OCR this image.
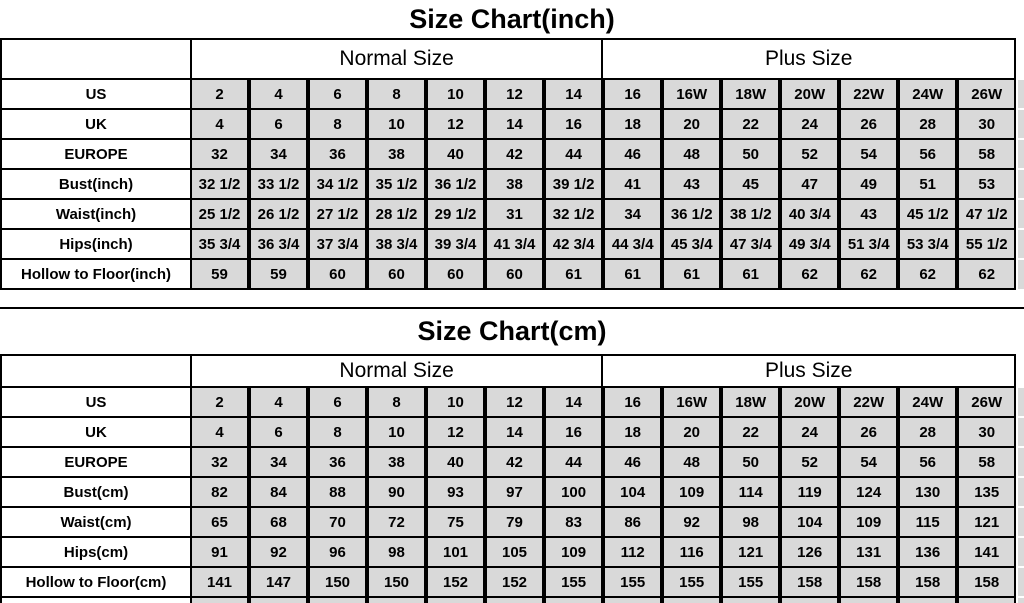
Size Chart(inch)
	Normal Size													Plus Size															
US	2		4		6		8		10		12		14		16		16W		18W		20W		22W		24W		26W		
UK	4		6		8		10		12		14		16		18		20		22		24		26		28		30		
EUROPE	32		34		36		38		40		42		44		46		48		50		52		54		56		58		
Bust(inch)	32 1/2		33 1/2		34 1/2		35 1/2		36 1/2		38		39 1/2		41		43		45		47		49		51		53		
Waist(inch)	25 1/2		26 1/2		27 1/2		28 1/2		29 1/2		31		32 1/2		34		36 1/2		38 1/2		40 3/4		43		45 1/2		47 1/2		
Hips(inch)	35 3/4		36 3/4		37 3/4		38 3/4		39 3/4		41 3/4		42 3/4		44 3/4		45 3/4		47 3/4		49 3/4		51 3/4		53 3/4		55 1/2		
Hollow to Floor(inch)	59		59		60		60		60		60		61		61		61		61		62		62		62		62		
Size Chart(cm)
	Normal Size													Plus Size															
US	2		4		6		8		10		12		14		16		16W		18W		20W		22W		24W		26W		
UK	4		6		8		10		12		14		16		18		20		22		24		26		28		30		
EUROPE	32		34		36		38		40		42		44		46		48		50		52		54		56		58		
Bust(cm)	82		84		88		90		93		97		100		104		109		114		119		124		130		135		
Waist(cm)	65		68		70		72		75		79		83		86		92		98		104		109		115		121		
Hips(cm)	91		92		96		98		101		105		109		112		116		121		126		131		136		141		
Hollow to Floor(cm)	141		147		150		150		152		152		155		155		155		155		158		158		158		158		
